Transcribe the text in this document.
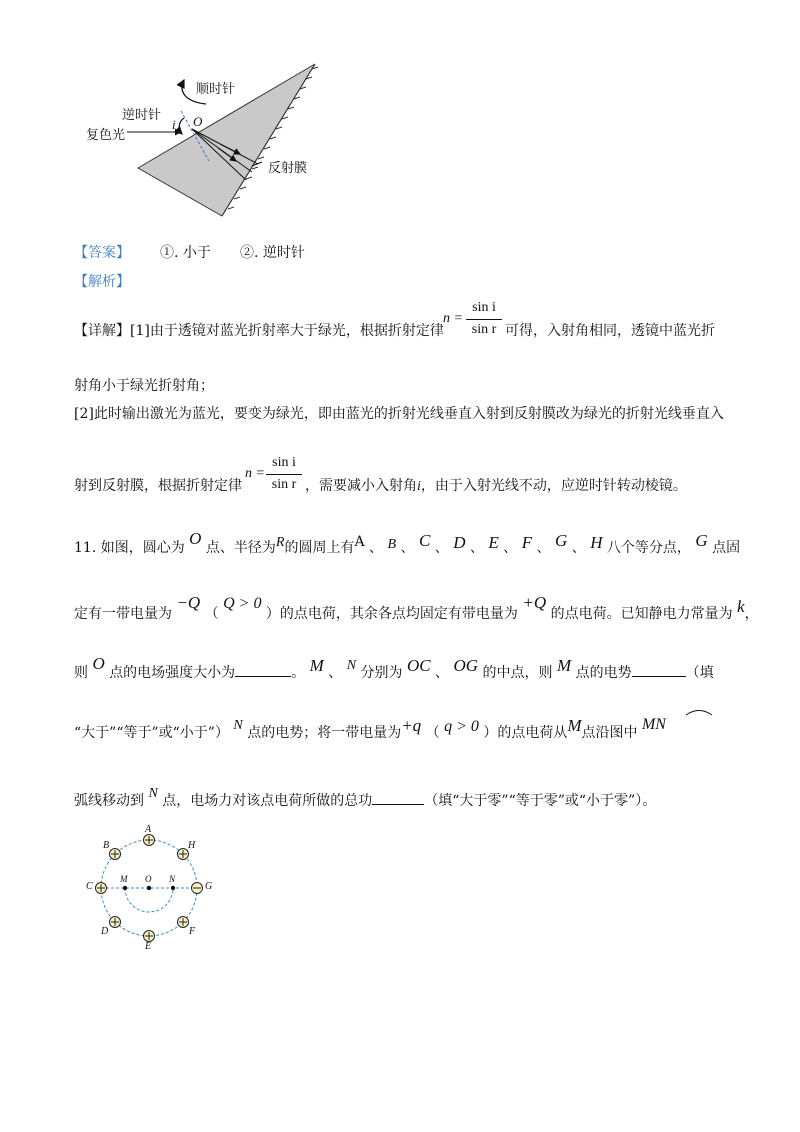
顺时针
逆时针
复色光
i O
反射膜
【答案】 ①. 小于 ②. 逆时针
【解析】
【详解】[1]由于透镜对蓝光折射率大于绿光，根据折射定律
n =
sin i
sin r 可得，入射角相同，透镜中蓝光折
射角小于绿光折射角；
[2]此时输出激光为蓝光，要变为绿光，即由蓝光的折射光线垂直入射到反射膜改为绿光的折射光线垂直入
射到反射膜，根据折射定律
n =
sin i
sin r ，需要减小入射角i，由于入射光线不动，应逆时针转动棱镜。
11. 如图，圆心为 O 点、半径为R的圆周上有A 、 B 、 C 、 D 、 E 、 F 、 G 、 H 八个等分点， G 点固
定有一带电量为 −Q （ Q > 0 ）的点电荷，其余各点均固定有带电量为 +Q 的点电荷。已知静电力常量为 k，
则 O 点的电场强度大小为	。 M 、 N 分别为 OC 、 OG 的中点，则 M 点的电势	（填
“大于”“等于”或“小于”） N 点的电势；将一带电量为+q （ q > 0 ）的点电荷从M点沿图中 MN
弧线移动到 N 点，电场力对该点电荷所做的总功	（填“大于零”“等于零”或“小于零”）。
A
B	H
C
M O N
G
D	F
E
